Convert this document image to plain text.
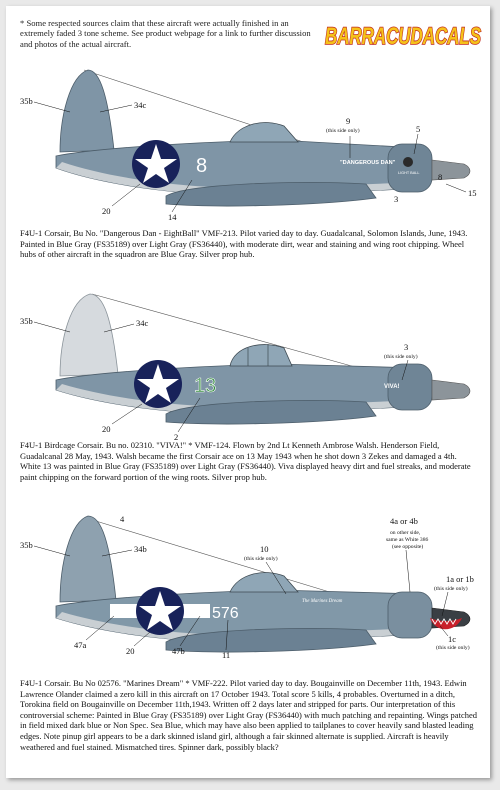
* Some respected sources claim that these aircraft were actually finished in an extremely faded 3 tone scheme. See product webpage for a link to further discussion and photos of the actual aircraft.	BARRACUDACALS
8	"DANGEROUS DAN"
LIGHT BALL
35b	34c
9
(this side only)	5
20
14
8
15
3
F4U-1 Corsair, Bu No. "Dangerous Dan - EightBall" VMF-213. Pilot varied day to day. Guadalcanal, Solomon Islands, June, 1943. Painted in Blue Gray (FS35189) over Light Gray (FS36440), with moderate dirt, wear and staining and wing root chipping. Wheel hubs of other aircraft in the squadron are Blue Gray. Silver prop hub.
13	VIVA!
35b	34c
3
(this side only)
20
2
F4U-1 Birdcage Corsair. Bu no. 02310. "VIVA!" * VMF-124. Flown by 2nd Lt Kenneth Ambrose Walsh. Henderson Field, Guadalcanal 28 May, 1943. Walsh became the first Corsair ace on 13 May 1943 when he shot down 3 Zekes and damaged a 4th. White 13 was painted in Blue Gray (FS35189) over Light Gray (FS36440). Viva displayed heavy dirt and fuel streaks, and moderate paint chipping on the forward portion of the wing roots. Silver prop hub.
576
The Marines Dream
35b	34b
4
10
(this side only)
4a or 4b
on other side,
same as White 386
(see opposite)
1a or 1b
(this side only)
1c
(this side only)
47a
20	47b	11
F4U-1 Corsair. Bu No 02576. "Marines Dream" * VMF-222. Pilot varied day to day. Bougainville on December 11th, 1943. Edwin Lawrence Olander claimed a zero kill in this aircraft on 17 October 1943. Total score 5 kills, 4 probables. Overturned in a ditch, Torokina field on Bougainville on December 11th,1943. Written off 2 days later and stripped for parts. Our interpretation of this controversial scheme: Painted in Blue Gray (FS35189) over Light Gray (FS36440) with much patching and repainting. Wings patched in field mixed dark blue or Non Spec. Sea Blue, which may have also been applied to tailplanes to cover heavily sand blasted leading edges. Note pinup girl appears to be a dark skinned island girl, although a fair skinned alternate is supplied. Aircraft is heavily weathered and fuel stained. Mismatched tires. Spinner dark, possibly black?
